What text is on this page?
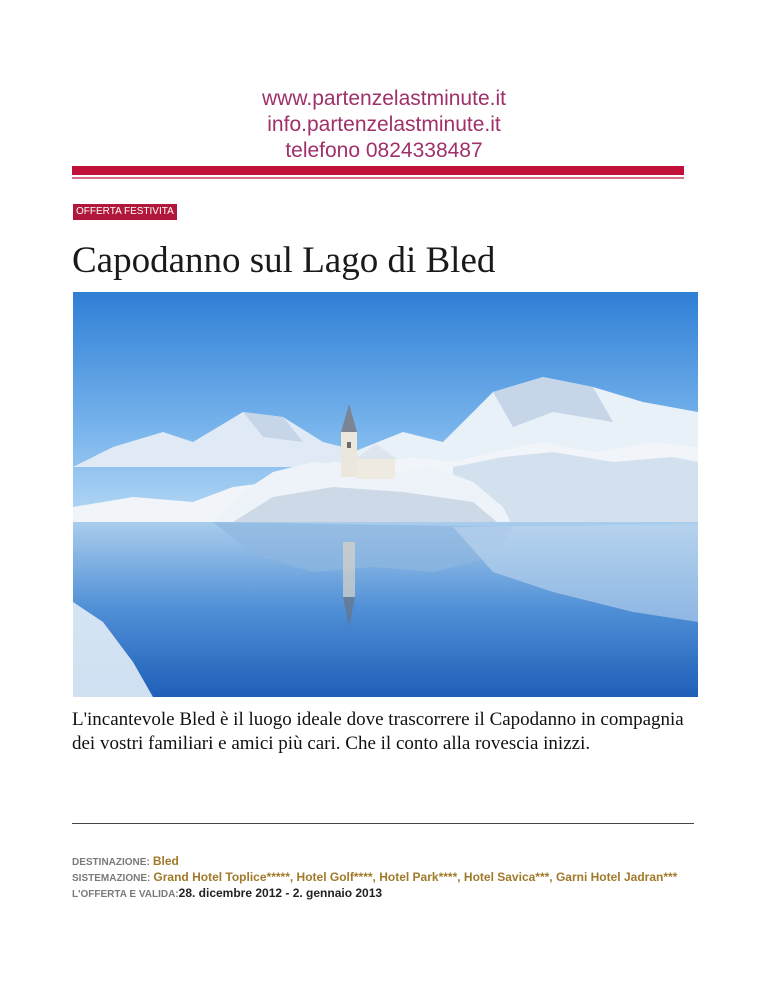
www.partenzelastminute.it
info.partenzelastminute.it
telefono 0824338487
OFFERTA FESTIVITA
Capodanno sul Lago di Bled
L'incantevole Bled è il luogo ideale dove trascorrere il Capodanno in compagnia dei vostri familiari e amici più cari. Che il conto alla rovescia inizzi.
DESTINAZIONE: Bled
SISTEMAZIONE: Grand Hotel Toplice*****, Hotel Golf****, Hotel Park****, Hotel Savica***, Garni Hotel Jadran***
L'OFFERTA E VALIDA:28. dicembre 2012 - 2. gennaio 2013
